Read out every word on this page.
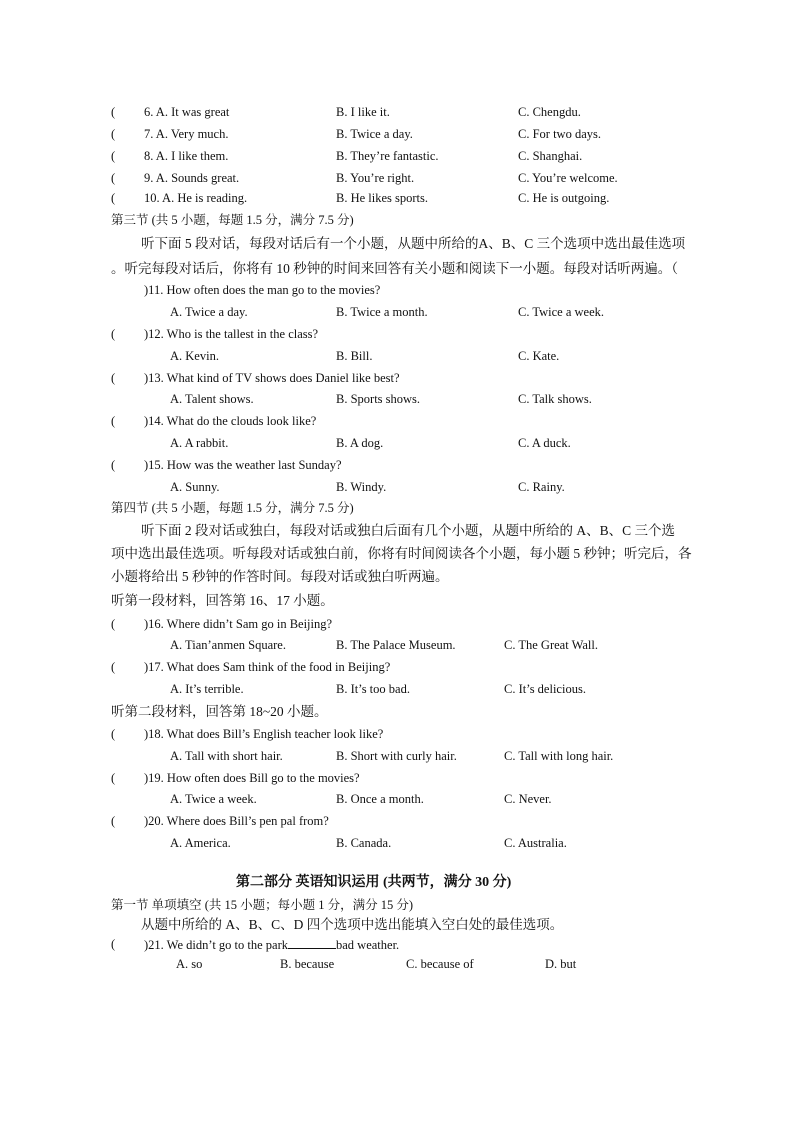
( 6. A. It was great	B. I like it.	C. Chengdu.
( 7. A. Very much.	B. Twice a day.	C. For two days.
( 8. A. I like them.	B. They’re fantastic.	C. Shanghai.
( 9. A. Sounds great.	B. You’re right.	C. You’re welcome.
( 10. A. He is reading.	B. He likes sports.	C. He is outgoing.
第三节 (共 5 小题，每题 1.5 分，满分 7.5 分)
听下面 5 段对话，每段对话后有一个小题，从题中所给的A、B、C 三个选项中选出最佳选项
。听完每段对话后，你将有 10 秒钟的时间来回答有关小题和阅读下一小题。每段对话听两遍。（
)11. How often does the man go to the movies?
A. Twice a day.	B. Twice a month.	C. Twice a week.
( )12. Who is the tallest in the class?
A. Kevin.	B. Bill.	C. Kate.
( )13. What kind of TV shows does Daniel like best?
A. Talent shows.	B. Sports shows.	C. Talk shows.
( )14. What do the clouds look like?
A. A rabbit.	B. A dog.	C. A duck.
( )15. How was the weather last Sunday?
A. Sunny.	B. Windy.	C. Rainy.
第四节 (共 5 小题，每题 1.5 分，满分 7.5 分)
听下面 2 段对话或独白，每段对话或独白后面有几个小题，从题中所给的 A、B、C 三个选
项中选出最佳选项。听每段对话或独白前，你将有时间阅读各个小题，每小题 5 秒钟；听完后，各
小题将给出 5 秒钟的作答时间。每段对话或独白听两遍。
听第一段材料，回答第 16、17 小题。
( )16. Where didn’t Sam go in Beijing?
A. Tian’anmen Square.	B. The Palace Museum.	C. The Great Wall.
( )17. What does Sam think of the food in Beijing?
A. It’s terrible.	B. It’s too bad.	C. It’s delicious.
听第二段材料，回答第 18~20 小题。
( )18. What does Bill’s English teacher look like?
A. Tall with short hair.	B. Short with curly hair.	C. Tall with long hair.
( )19. How often does Bill go to the movies?
A. Twice a week.	B. Once a month.	C. Never.
( )20. Where does Bill’s pen pal from?
A. America.	B. Canada.	C. Australia.
第二部分 英语知识运用 (共两节，满分 30 分)
第一节 单项填空 (共 15 小题；每小题 1 分，满分 15 分)
从题中所给的 A、B、C、D 四个选项中选出能填入空白处的最佳选项。
( )21. We didn’t go to the park	bad weather.
A. so	B. because	C. because of	D. but
